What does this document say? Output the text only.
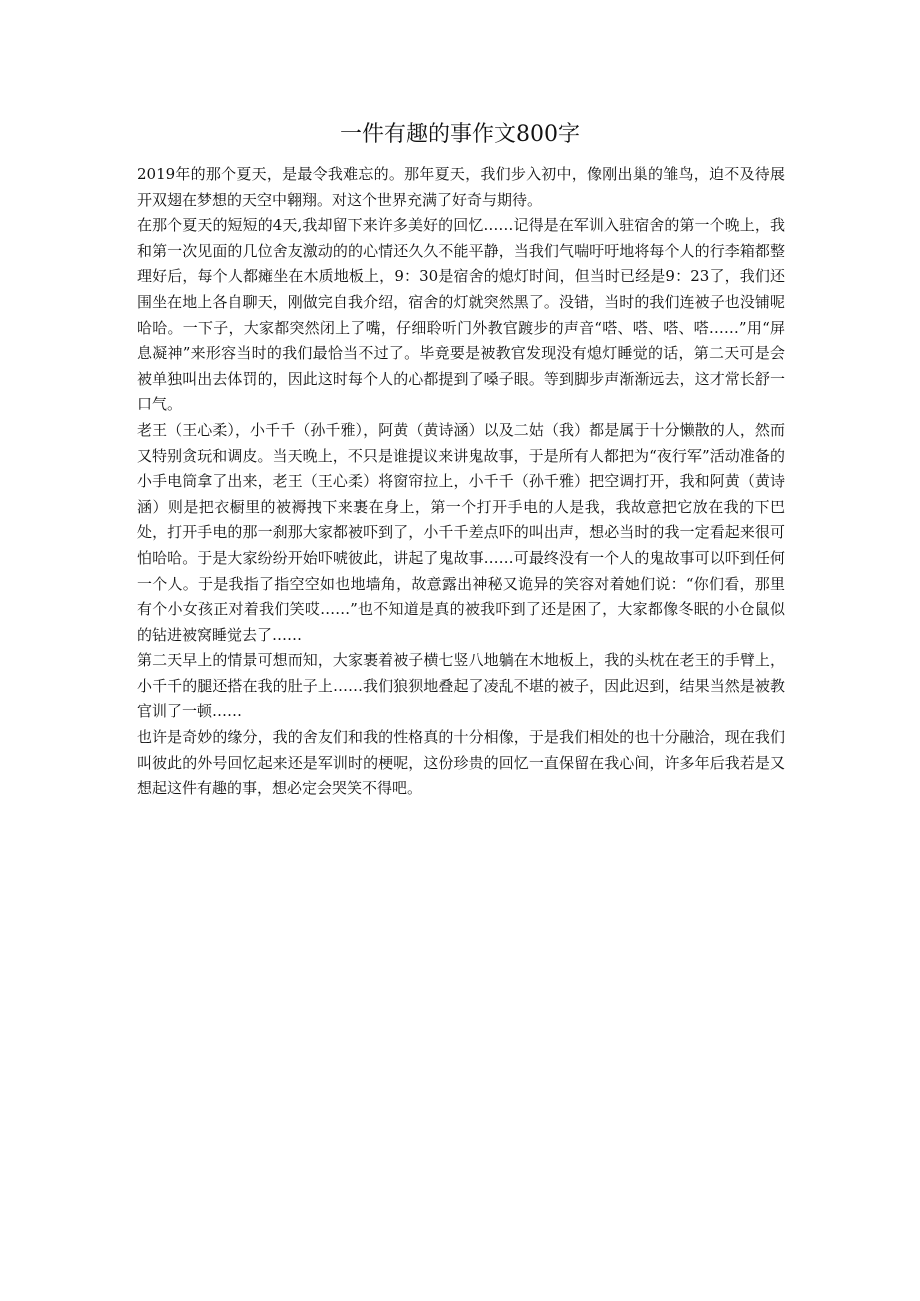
一件有趣的事作文800字

2019年的那个夏天，是最令我难忘的。那年夏天，我们步入初中，像刚出巢的雏鸟，迫不及待展开双翅在梦想的天空中翱翔。对这个世界充满了好奇与期待。

在那个夏天的短短的4天,我却留下来许多美好的回忆……记得是在军训入驻宿舍的第一个晚上，我和第一次见面的几位舍友激动的的心情还久久不能平静，当我们气喘吁吁地将每个人的行李箱都整理好后，每个人都瘫坐在木质地板上，9：30是宿舍的熄灯时间，但当时已经是9：23了，我们还围坐在地上各自聊天，刚做完自我介绍，宿舍的灯就突然黑了。没错，当时的我们连被子也没铺呢哈哈。一下子，大家都突然闭上了嘴，仔细聆听门外教官踱步的声音“嗒、嗒、嗒、嗒……”用“屏息凝神”来形容当时的我们最恰当不过了。毕竟要是被教官发现没有熄灯睡觉的话，第二天可是会被单独叫出去体罚的，因此这时每个人的心都提到了嗓子眼。等到脚步声渐渐远去，这才常长舒一口气。

老王（王心柔），小千千（孙千雅），阿黄（黄诗涵）以及二姑（我）都是属于十分懒散的人，然而又特别贪玩和调皮。当天晚上，不只是谁提议来讲鬼故事，于是所有人都把为“夜行军”活动准备的小手电筒拿了出来，老王（王心柔）将窗帘拉上，小千千（孙千雅）把空调打开，我和阿黄（黄诗涵）则是把衣橱里的被褥拽下来裹在身上，第一个打开手电的人是我，我故意把它放在我的下巴处，打开手电的那一刹那大家都被吓到了，小千千差点吓的叫出声，想必当时的我一定看起来很可怕哈哈。于是大家纷纷开始吓唬彼此，讲起了鬼故事……可最终没有一个人的鬼故事可以吓到任何一个人。于是我指了指空空如也地墙角，故意露出神秘又诡异的笑容对着她们说：“你们看，那里有个小女孩正对着我们笑哎……”也不知道是真的被我吓到了还是困了，大家都像冬眠的小仓鼠似的钻进被窝睡觉去了……

第二天早上的情景可想而知，大家裹着被子横七竖八地躺在木地板上，我的头枕在老王的手臂上，小千千的腿还搭在我的肚子上……我们狼狈地叠起了凌乱不堪的被子，因此迟到，结果当然是被教官训了一顿……

也许是奇妙的缘分，我的舍友们和我的性格真的十分相像，于是我们相处的也十分融洽，现在我们叫彼此的外号回忆起来还是军训时的梗呢，这份珍贵的回忆一直保留在我心间，许多年后我若是又想起这件有趣的事，想必定会哭笑不得吧。
